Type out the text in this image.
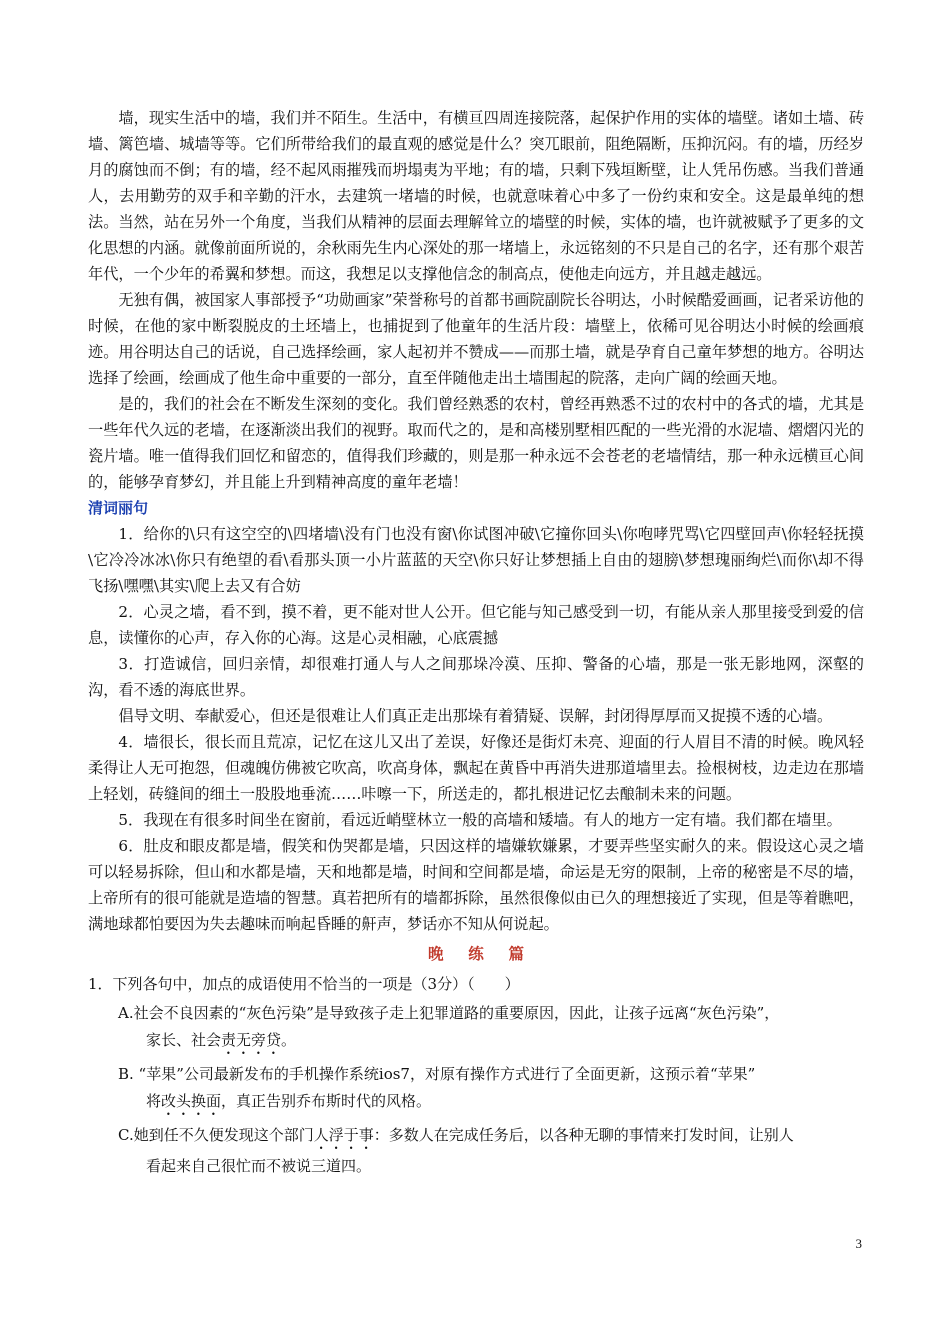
墙，现实生活中的墙，我们并不陌生。生活中，有横亘四周连接院落，起保护作用的实体的墙壁。诸如土墙、砖墙、篱笆墙、城墙等等。它们所带给我们的最直观的感觉是什么？突兀眼前，阻绝隔断，压抑沉闷。有的墙，历经岁月的腐蚀而不倒；有的墙，经不起风雨摧残而坍塌夷为平地；有的墙，只剩下残垣断壁，让人凭吊伤感。当我们普通人，去用勤劳的双手和辛勤的汗水，去建筑一堵墙的时候，也就意味着心中多了一份约束和安全。这是最单纯的想法。当然，站在另外一个角度，当我们从精神的层面去理解耸立的墙壁的时候，实体的墙，也许就被赋予了更多的文化思想的内涵。就像前面所说的，余秋雨先生内心深处的那一堵墙上，永远铭刻的不只是自己的名字，还有那个艰苦年代，一个少年的希翼和梦想。而这，我想足以支撑他信念的制高点，使他走向远方，并且越走越远。

无独有偶，被国家人事部授予“功勋画家”荣誉称号的首都书画院副院长谷明达，小时候酷爱画画，记者采访他的时候，在他的家中断裂脱皮的土坯墙上，也捕捉到了他童年的生活片段：墙壁上，依稀可见谷明达小时候的绘画痕迹。用谷明达自己的话说，自己选择绘画，家人起初并不赞成——而那土墙，就是孕育自己童年梦想的地方。谷明达选择了绘画，绘画成了他生命中重要的一部分，直至伴随他走出土墙围起的院落，走向广阔的绘画天地。

是的，我们的社会在不断发生深刻的变化。我们曾经熟悉的农村，曾经再熟悉不过的农村中的各式的墙，尤其是一些年代久远的老墙，在逐渐淡出我们的视野。取而代之的，是和高楼别墅相匹配的一些光滑的水泥墙、熠熠闪光的瓷片墙。唯一值得我们回忆和留恋的，值得我们珍藏的，则是那一种永远不会苍老的老墙情结，那一种永远横亘心间的，能够孕育梦幻，并且能上升到精神高度的童年老墙！

清词丽句

1．给你的\只有这空空的\四堵墙\没有门也没有窗\你试图冲破\它撞你回头\你咆哮咒骂\它四壁回声\你轻轻抚摸\它冷冷冰冰\你只有绝望的看\看那头顶一小片蓝蓝的天空\你只好让梦想插上自由的翅膀\梦想瑰丽绚烂\而你\却不得飞扬\嘿嘿\其实\爬上去又有合妨

2．心灵之墙，看不到，摸不着，更不能对世人公开。但它能与知己感受到一切，有能从亲人那里接受到爱的信息，读懂你的心声，存入你的心海。这是心灵相融，心底震撼

3．打造诚信，回归亲情，却很难打通人与人之间那垛冷漠、压抑、警备的心墙，那是一张无影地网，深壑的沟，看不透的海底世界。

倡导文明、奉献爱心，但还是很难让人们真正走出那垛有着猜疑、误解，封闭得厚厚而又捉摸不透的心墙。

4．墙很长，很长而且荒凉，记忆在这儿又出了差误，好像还是街灯未亮、迎面的行人眉目不清的时候。晚风轻柔得让人无可抱怨，但魂魄仿佛被它吹高，吹高身体，飘起在黄昏中再消失进那道墙里去。捡根树枝，边走边在那墙上轻划，砖缝间的细土一股股地垂流……咔嚓一下，所送走的，都扎根进记忆去酿制未来的问题。

5．我现在有很多时间坐在窗前，看远近峭壁林立一般的高墙和矮墙。有人的地方一定有墙。我们都在墙里。

6．肚皮和眼皮都是墙，假笑和伪哭都是墙，只因这样的墙嫌软嫌累，才要弄些坚实耐久的来。假设这心灵之墙可以轻易拆除，但山和水都是墙，天和地都是墙，时间和空间都是墙，命运是无穷的限制，上帝的秘密是不尽的墙，上帝所有的很可能就是造墙的智慧。真若把所有的墙都拆除，虽然很像似由已久的理想接近了实现，但是等着瞧吧，满地球都怕要因为失去趣味而响起昏睡的鼾声，梦话亦不知从何说起。

晚练篇

1．下列各句中，加点的成语使用不恰当的一项是（3分）（　　）

A.社会不良因素的“灰色污染”是导致孩子走上犯罪道路的重要原因，因此，让孩子远离“灰色污染”，
家长、社会责无旁贷。

B. “苹果”公司最新发布的手机操作系统ios7，对原有操作方式进行了全面更新，这预示着“苹果”
将改头换面，真正告别乔布斯时代的风格。

C.她到任不久便发现这个部门人浮于事：多数人在完成任务后，以各种无聊的事情来打发时间，让别人
看起来自己很忙而不被说三道四。

3
